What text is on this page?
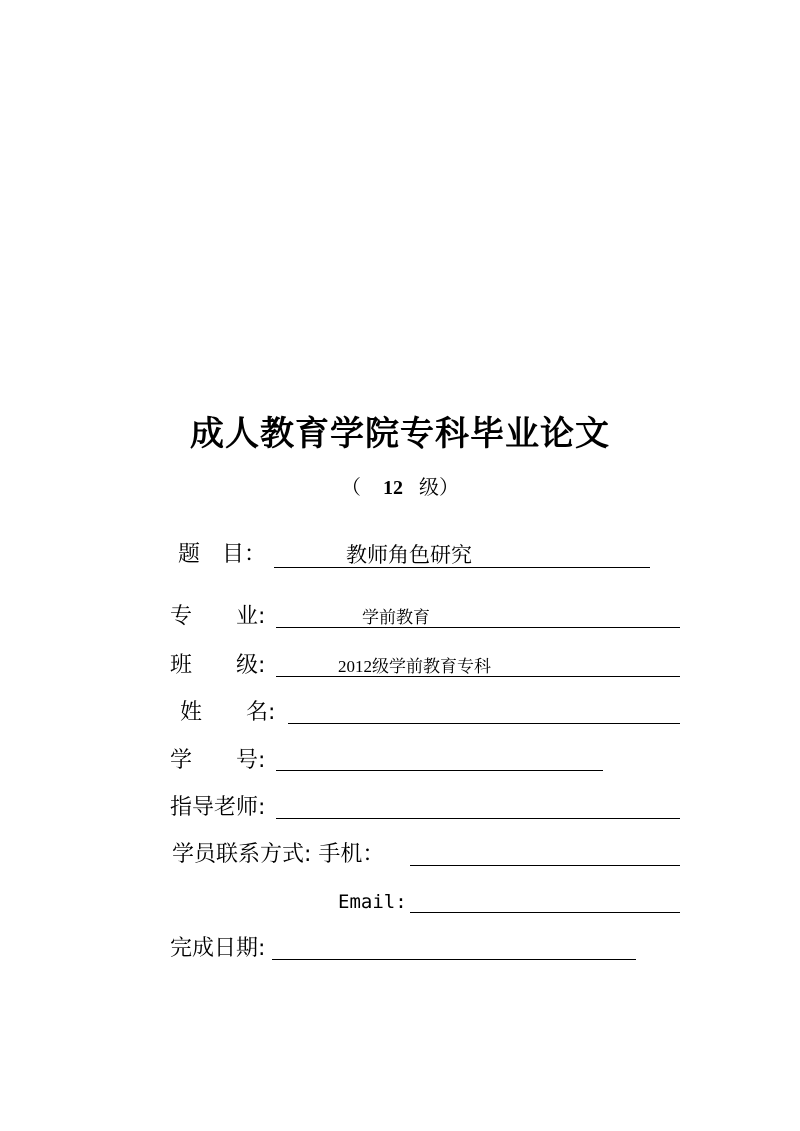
成人教育学院专科毕业论文
（ 12 级）
题　目：	教师角色研究
专　　业:	学前教育
班　　级:	2012级学前教育专科
姓　　名:
学　　号:
指导老师:
学员联系方式: 手机：
Email:
完成日期:
